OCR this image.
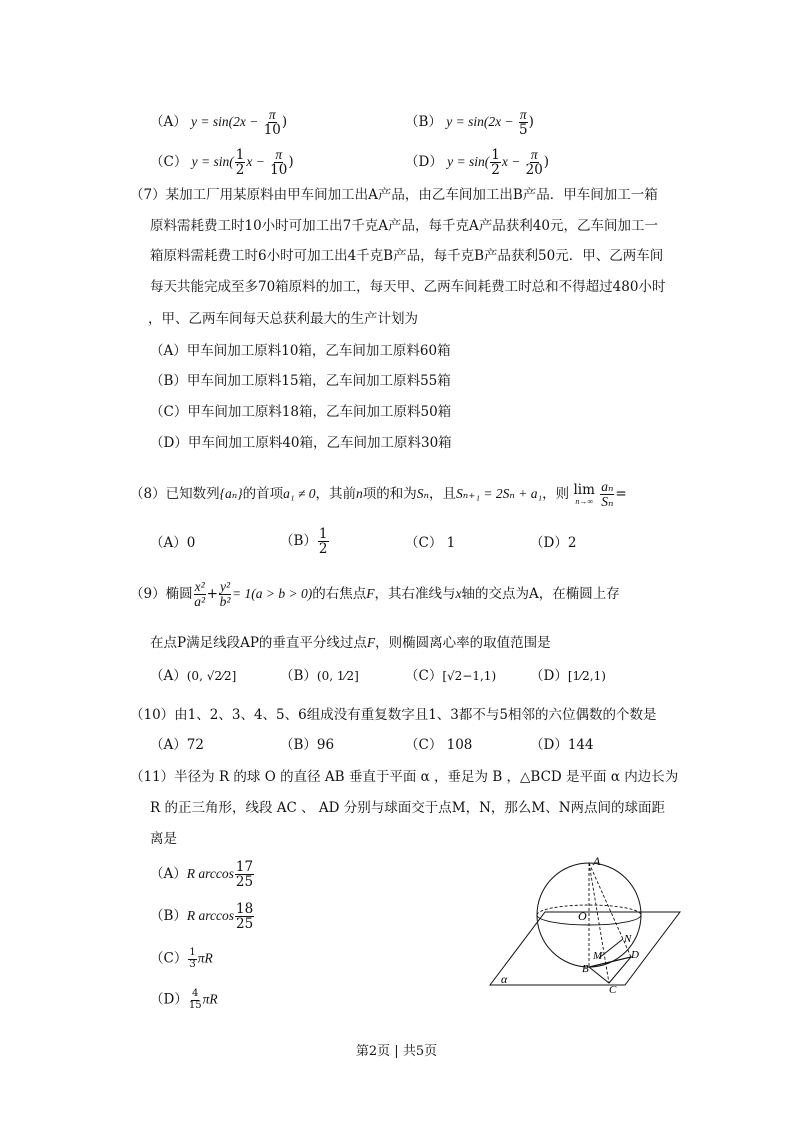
（A） $y = \sin(2x - \frac{\pi}{10}$ )	（B） $y = \sin(2x - \frac{\pi}{5}$ )
（C） $y = \sin( \frac{1}{2}$ $x - \frac{\pi}{10}$ )	（D） $y = \sin( \frac{1}{2}$ $x - \frac{\pi}{20}$ )
（7）某加工厂用某原料由甲车间加工出A产品，由乙车间加工出B产品．甲车间加工一箱
原料需耗费工时10小时可加工出7千克A产品，每千克A产品获利40元，乙车间加工一
箱原料需耗费工时6小时可加工出4千克B产品，每千克B产品获利50元．甲、乙两车间
每天共能完成至多70箱原料的加工，每天甲、乙两车间耗费工时总和不得超过480小时
，甲、乙两车间每天总获利最大的生产计划为
（A）甲车间加工原料10箱，乙车间加工原料60箱
（B）甲车间加工原料15箱，乙车间加工原料55箱
（C）甲车间加工原料18箱，乙车间加工原料50箱
（D）甲车间加工原料40箱，乙车间加工原料30箱
（8）已知数列{aₙ}的首项a₁ ≠ 0，其前n项的和为Sₙ，且Sₙ₊₁ = 2Sₙ + a₁，则 lim
n→∞
$\frac{\text{aₙ}}{\text{Sₙ}}$ =
（A）0	$(B) \frac{1}{2}$	（C） 1	（D）2
（9）椭圆 $\frac{\text{x²}}{\text{a²}} + \frac{\text{y²}}{\text{b²}} = 1(a > b > 0)$的右焦点F，其右准线与x轴的交点为A，在椭圆上存
在点P满足线段AP的垂直平分线过点F，则椭圆离心率的取值范围是
（A）(0, √2⁄2]	（B）(0, 1⁄2]	（C）[√2−1,1)	（D）[1⁄2,1)
（10）由1、2、3、4、5、6组成没有重复数字且1、3都不与5相邻的六位偶数的个数是
（A）72	（B）96	（C） 108	（D）144
（11）半径为 R 的球 O 的直径 AB 垂直于平面 α ，垂足为 B ，△BCD 是平面 α 内边长为
R 的正三角形，线段 AC 、 AD 分别与球面交于点M，N，那么M、N两点间的球面距
离是
（A）R $\arccos \frac{17}{25}$
（B）R $\arccos \frac{18}{25}$
$(C) \frac{1}{3}$ πR
$(D) \frac{4}{15}$ πR
A
O
N
M	D
B
C
α
第2页 | 共5页
